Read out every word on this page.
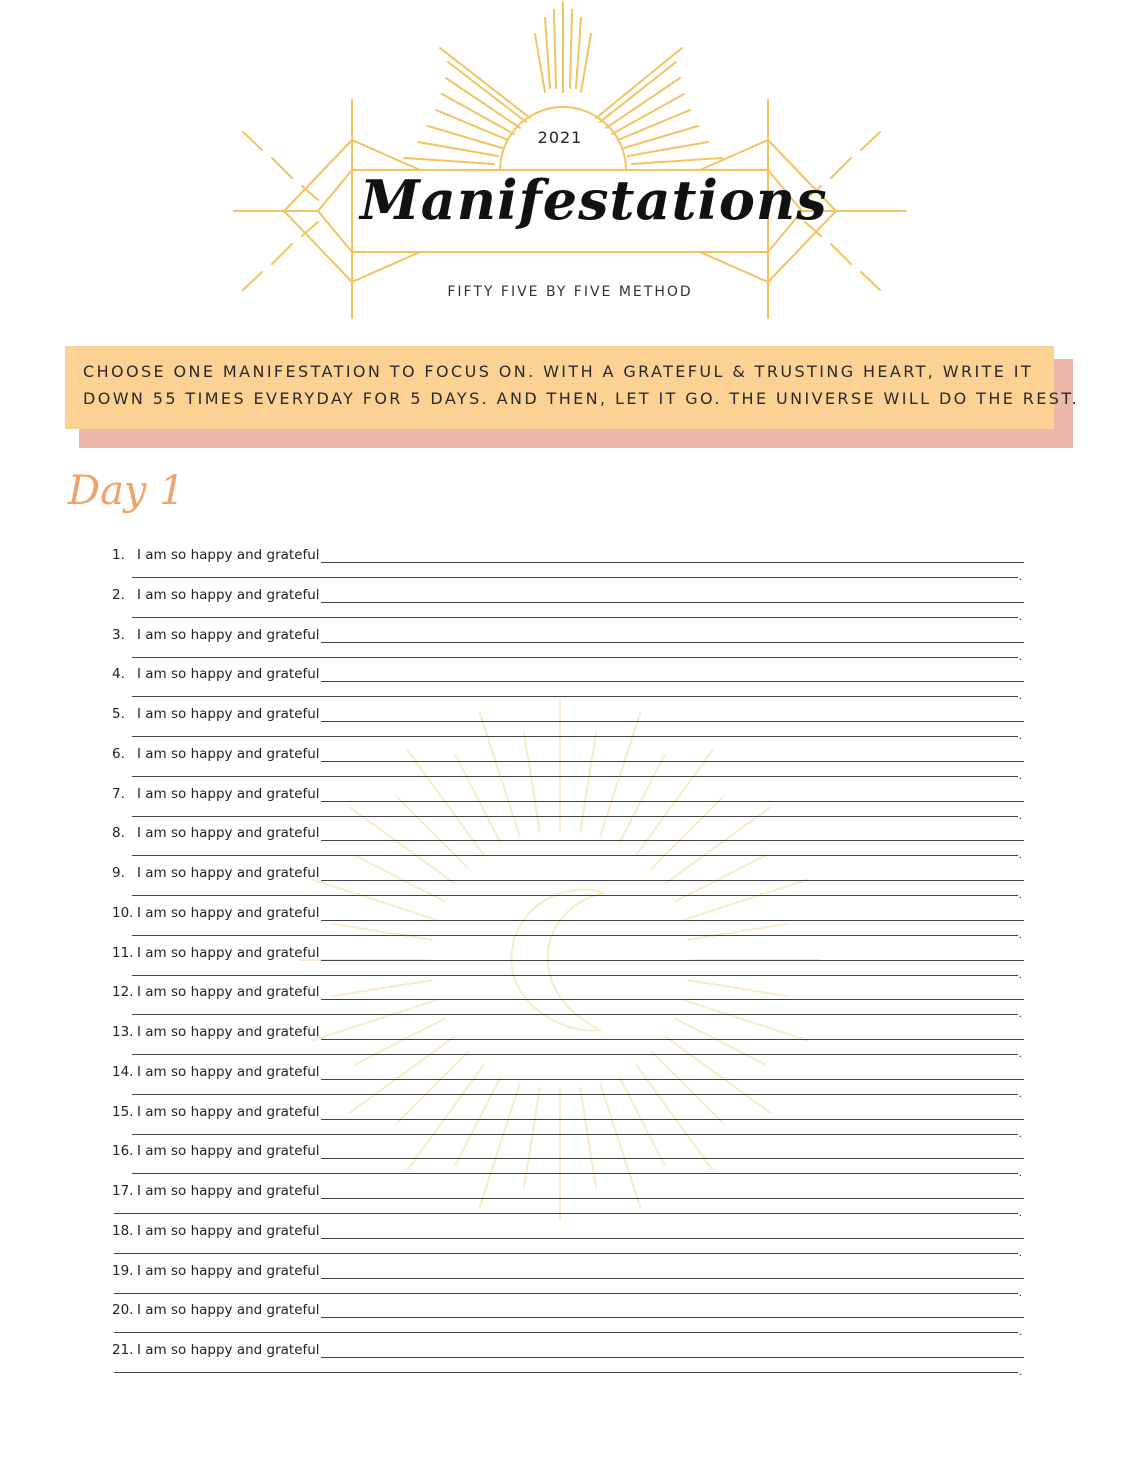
2021
Manifestations
FIFTY FIVE BY FIVE METHOD
CHOOSE ONE MANIFESTATION TO FOCUS ON. WITH A GRATEFUL & TRUSTING HEART, WRITE IT
DOWN 55 TIMES EVERYDAY FOR 5 DAYS. AND THEN, LET IT GO. THE UNIVERSE WILL DO THE REST.
Day 1
1. I am so happy and grateful
.
2. I am so happy and grateful
.
3. I am so happy and grateful
.
4. I am so happy and grateful
.
5. I am so happy and grateful
.
6. I am so happy and grateful
.
7. I am so happy and grateful
.
8. I am so happy and grateful
.
9. I am so happy and grateful
.
10. I am so happy and grateful
.
11. I am so happy and grateful
.
12. I am so happy and grateful
.
13. I am so happy and grateful
.
14. I am so happy and grateful
.
15. I am so happy and grateful
.
16. I am so happy and grateful
.
17. I am so happy and grateful
.
18. I am so happy and grateful
.
19. I am so happy and grateful
.
20. I am so happy and grateful
.
21. I am so happy and grateful
.
